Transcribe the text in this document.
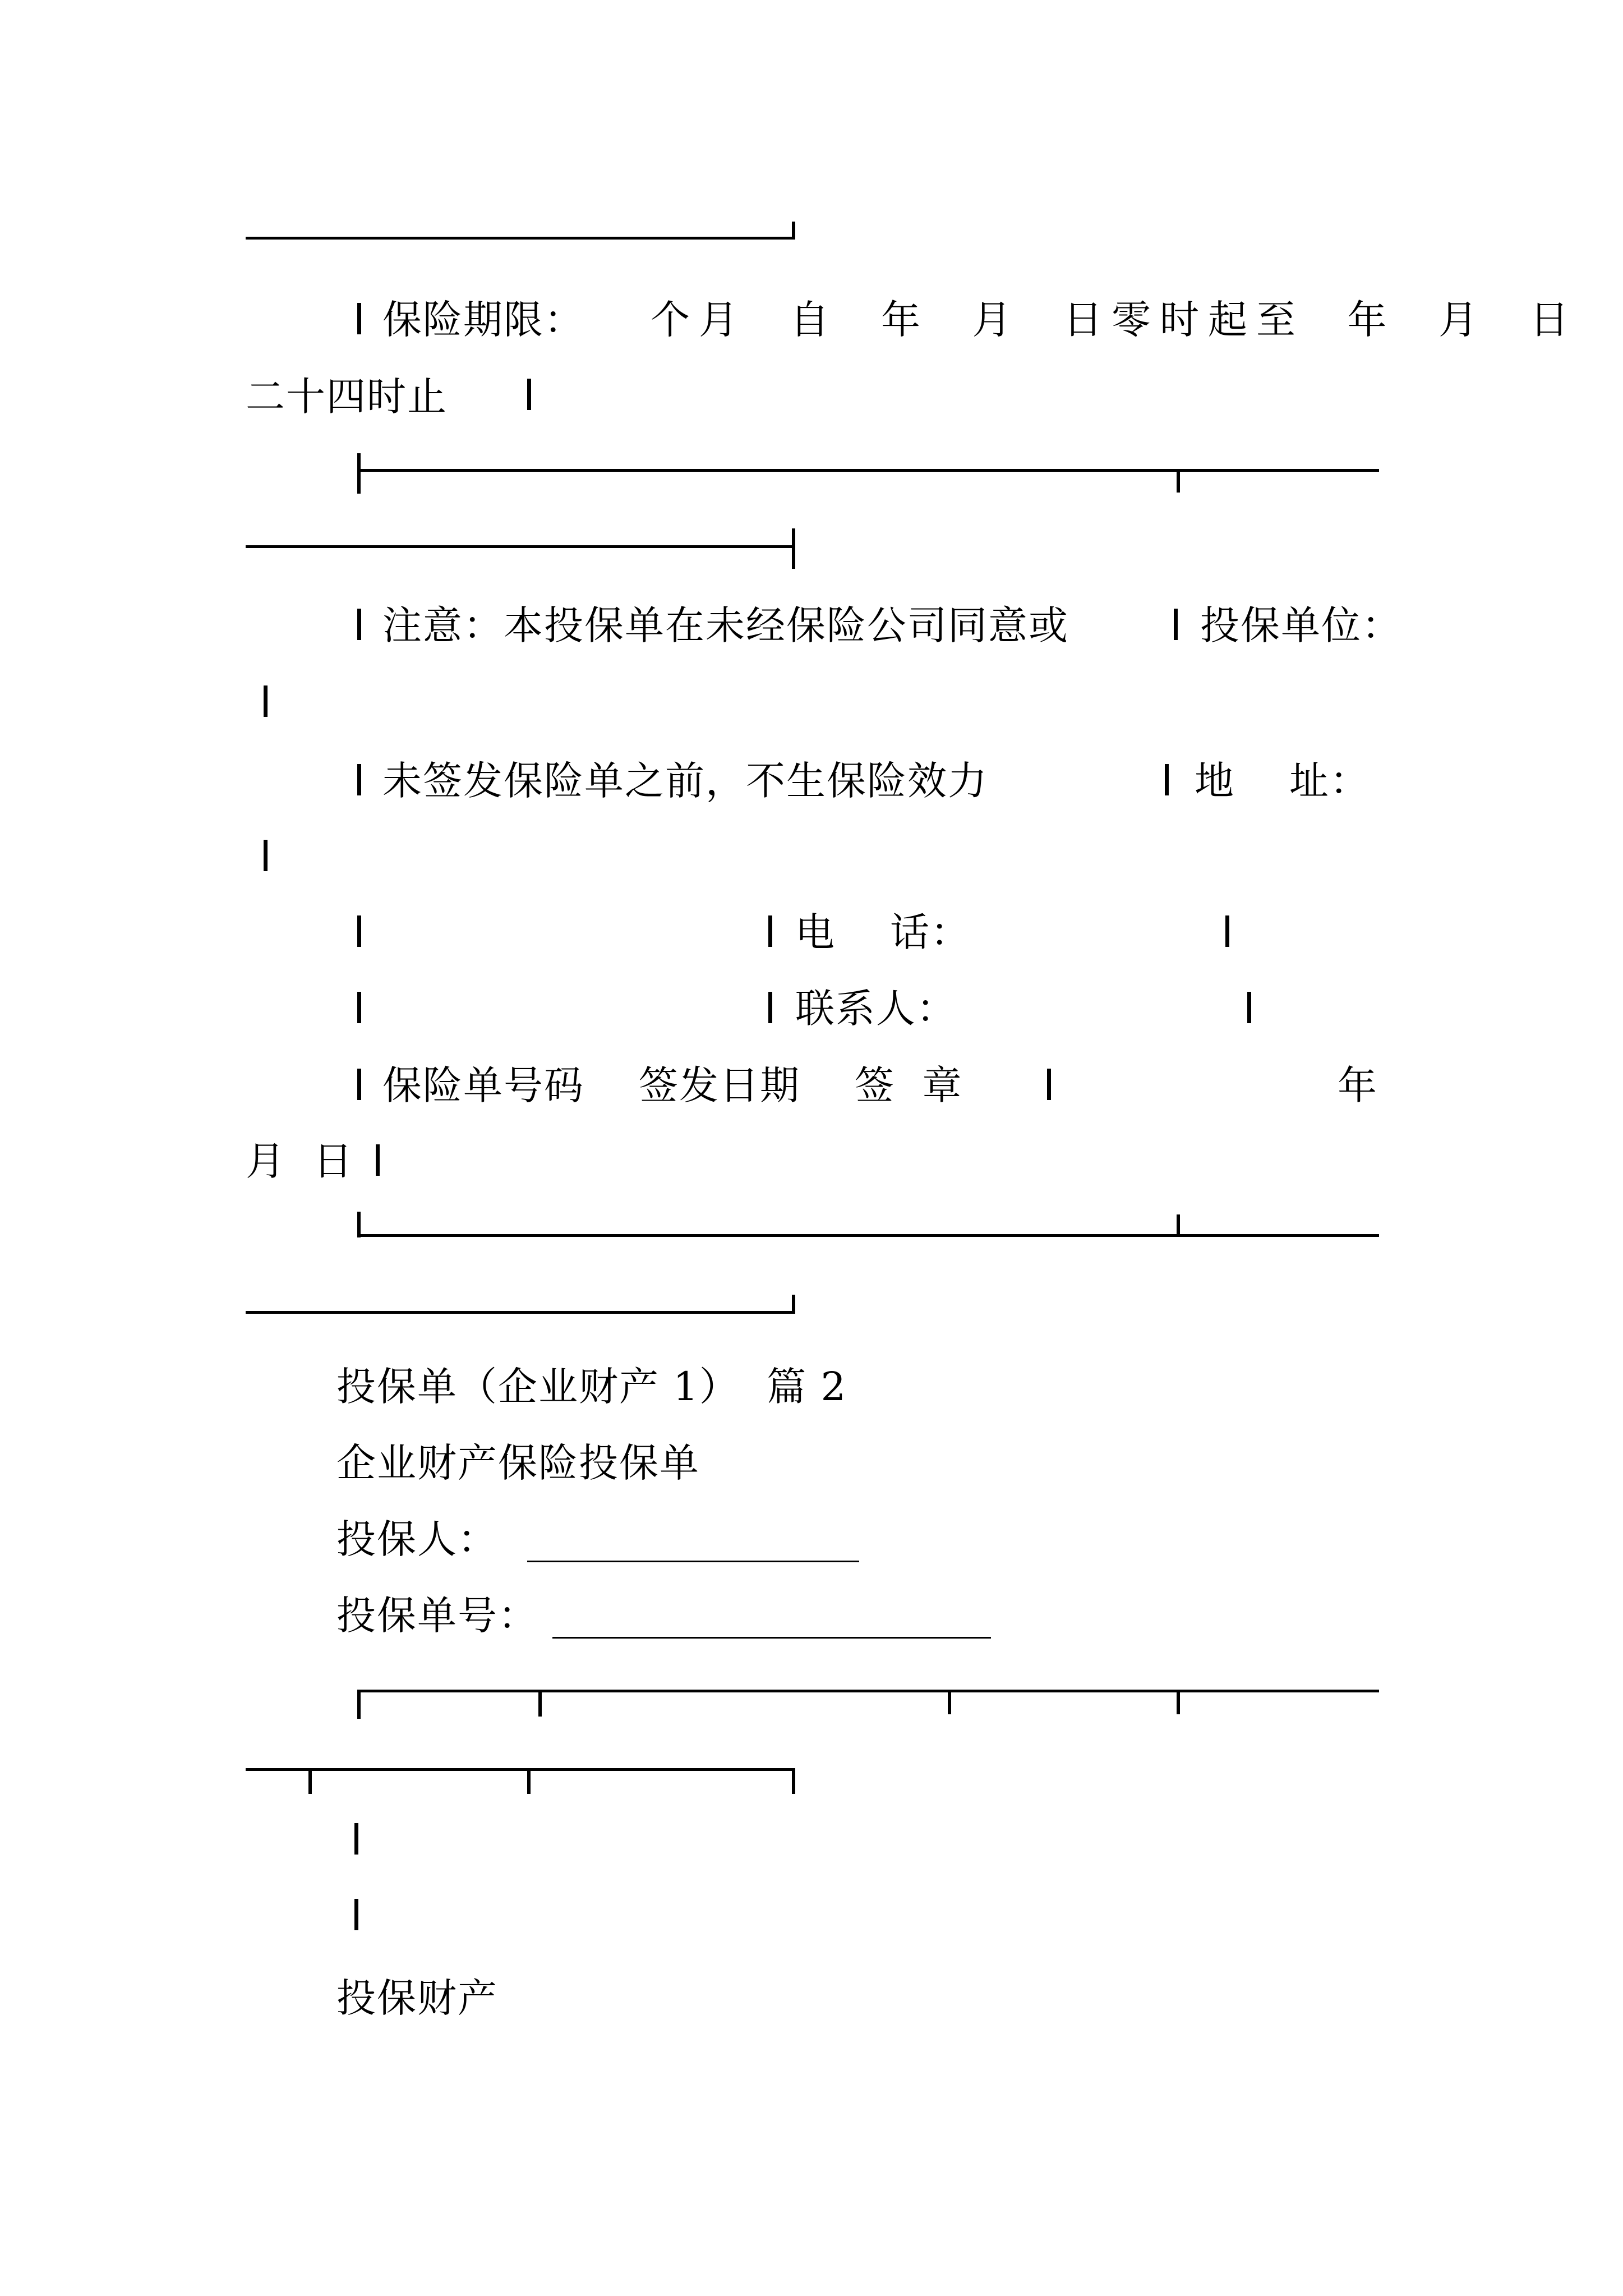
保险期限： 个月  自  年  月  日零时起至  年  月  日
二十四时止
注意：本投保单在未经保险公司同意或	投保单位：
未签发保险单之前，不生保险效力	地    址：
电    话：
联系人：
保险单号码    签发日期    签  章	年
月  日
投保单（企业财产 1）  篇 2
企业财产保险投保单
投保人：
投保单号：
投保财产
